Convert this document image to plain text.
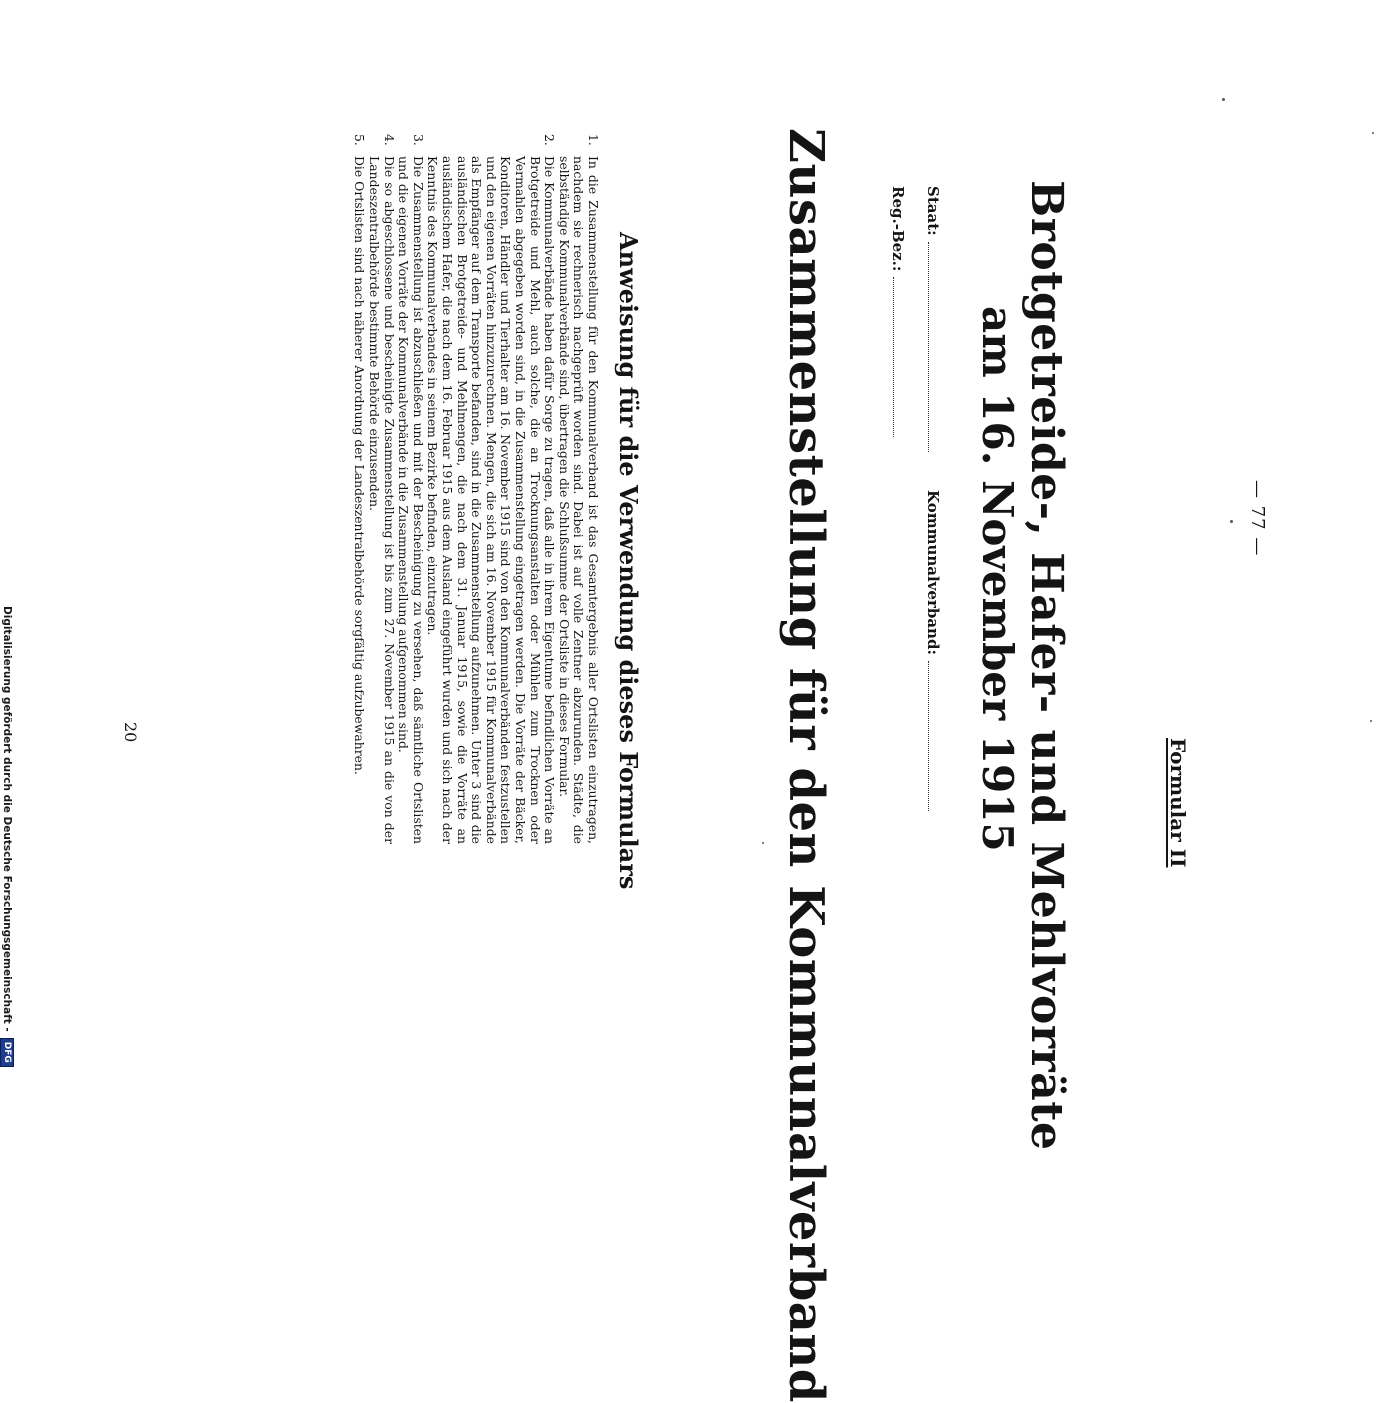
Formular II
— 77 —
Brotgetreide-, Hafer- und Mehlvorräte
am 16. November 1915
Staat:
Kommunalverband:
Reg.-Bez.:
Zusammenstellung für den Kommunalverband
Anweisung für die Verwendung dieses Formulars
1.
In die Zusammenstellung für den Kommunalverband ist das Gesamtergebnis aller Ortslisten einzutragen, nachdem sie rechnerisch nachgeprüft worden sind. Dabei ist auf volle Zentner abzurunden. Städte, die selbständige Kommunalverbände sind, übertragen die Schlußsumme der Ortsliste in dieses Formular.
2.
Die Kommunalverbände haben dafür Sorge zu tragen, daß alle in ihrem Eigentume befindlichen Vorräte an Brotgetreide und Mehl, auch solche, die an Trocknungsanstalten oder Mühlen zum Trocknen oder Vermahlen abgegeben worden sind, in die Zusammenstellung eingetragen werden. Die Vorräte der Bäcker, Konditoren, Händler und Tierhalter am 16. November 1915 sind von den Kommunalverbänden festzustellen und den eigenen Vorräten hinzuzurechnen. Mengen, die sich am 16. November 1915 für Kommunalverbände als Empfänger auf dem Transporte befanden, sind in die Zusammenstellung aufzunehmen. Unter 3 sind die ausländischen Brotgetreide- und Mehlmengen, die nach dem 31. Januar 1915, sowie die Vorräte an ausländischem Hafer, die nach dem 16. Februar 1915 aus dem Ausland eingeführt wurden und sich nach der Kenntnis des Kommunalverbandes in seinem Bezirke befinden, einzutragen.
3.
Die Zusammenstellung ist abzuschließen und mit der Bescheinigung zu versehen, daß sämtliche Ortslisten und die eigenen Vorräte der Kommunalverbände in die Zusammenstellung aufgenommen sind.
4.
Die so abgeschlossene und bescheinigte Zusammenstellung ist bis zum 27. November 1915 an die von der Landeszentralbehörde bestimmte Behörde einzusenden.
5.
Die Ortslisten sind nach näherer Anordnung der Landeszentralbehörde sorgfältig aufzubewahren.
20
Digitalisierung gefördert durch die Deutsche Forschungsgemeinschaft -
DFG
